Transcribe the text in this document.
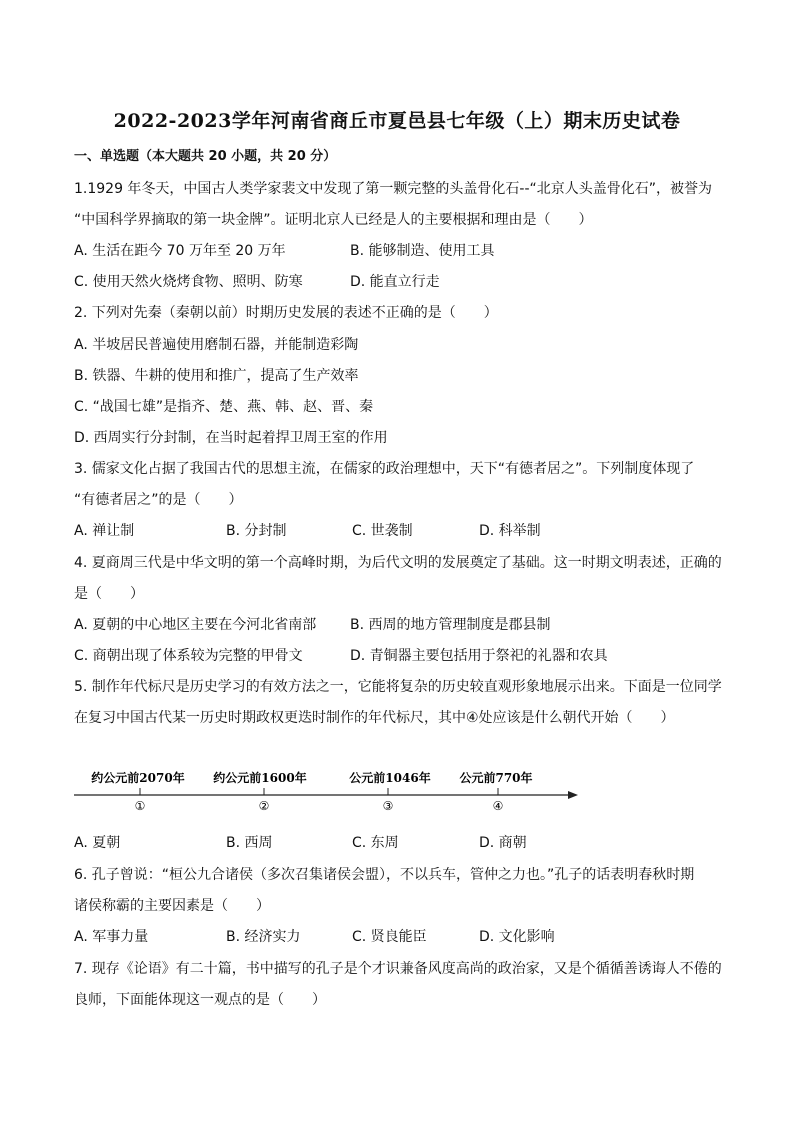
2022-2023学年河南省商丘市夏邑县七年级（上）期末历史试卷
一、单选题（本大题共 20 小题，共 20 分）
1.1929 年冬天，中国古人类学家裴文中发现了第一颗完整的头盖骨化石--“北京人头盖骨化石”，被誉为
“中国科学界摘取的第一块金牌”。证明北京人已经是人的主要根据和理由是（　　）
A. 生活在距今 70 万年至 20 万年	B. 能够制造、使用工具
C. 使用天然火烧烤食物、照明、防寒	D. 能直立行走
2. 下列对先秦（秦朝以前）时期历史发展的表述不正确的是（　　）
A. 半坡居民普遍使用磨制石器，并能制造彩陶
B. 铁器、牛耕的使用和推广，提高了生产效率
C. “战国七雄”是指齐、楚、燕、韩、赵、晋、秦
D. 西周实行分封制，在当时起着捍卫周王室的作用
3. 儒家文化占据了我国古代的思想主流，在儒家的政治理想中，天下“有德者居之”。下列制度体现了
“有德者居之”的是（　　）
A. 禅让制	B. 分封制	C. 世袭制	D. 科举制
4. 夏商周三代是中华文明的第一个高峰时期，为后代文明的发展奠定了基础。这一时期文明表述，正确的
是（　　）
A. 夏朝的中心地区主要在今河北省南部 B. 西周的地方管理制度是郡县制
C. 商朝出现了体系较为完整的甲骨文	D. 青铜器主要包括用于祭祀的礼器和农具
5. 制作年代标尺是历史学习的有效方法之一，它能将复杂的历史较直观形象地展示出来。下面是一位同学
在复习中国古代某一历史时期政权更迭时制作的年代标尺，其中④处应该是什么朝代开始（　　）
约公元前2070年 约公元前1600年	公元前1046年 公元前770年
①	②	③	④
A. 夏朝	B. 西周	C. 东周	D. 商朝
6. 孔子曾说：“桓公九合诸侯（多次召集诸侯会盟），不以兵车，管仲之力也。”孔子的话表明春秋时期
诸侯称霸的主要因素是（　　）
A. 军事力量	B. 经济实力	C. 贤良能臣	D. 文化影响
7. 现存《论语》有二十篇，书中描写的孔子是个才识兼备风度高尚的政治家，又是个循循善诱诲人不倦的
良师，下面能体现这一观点的是（　　）
